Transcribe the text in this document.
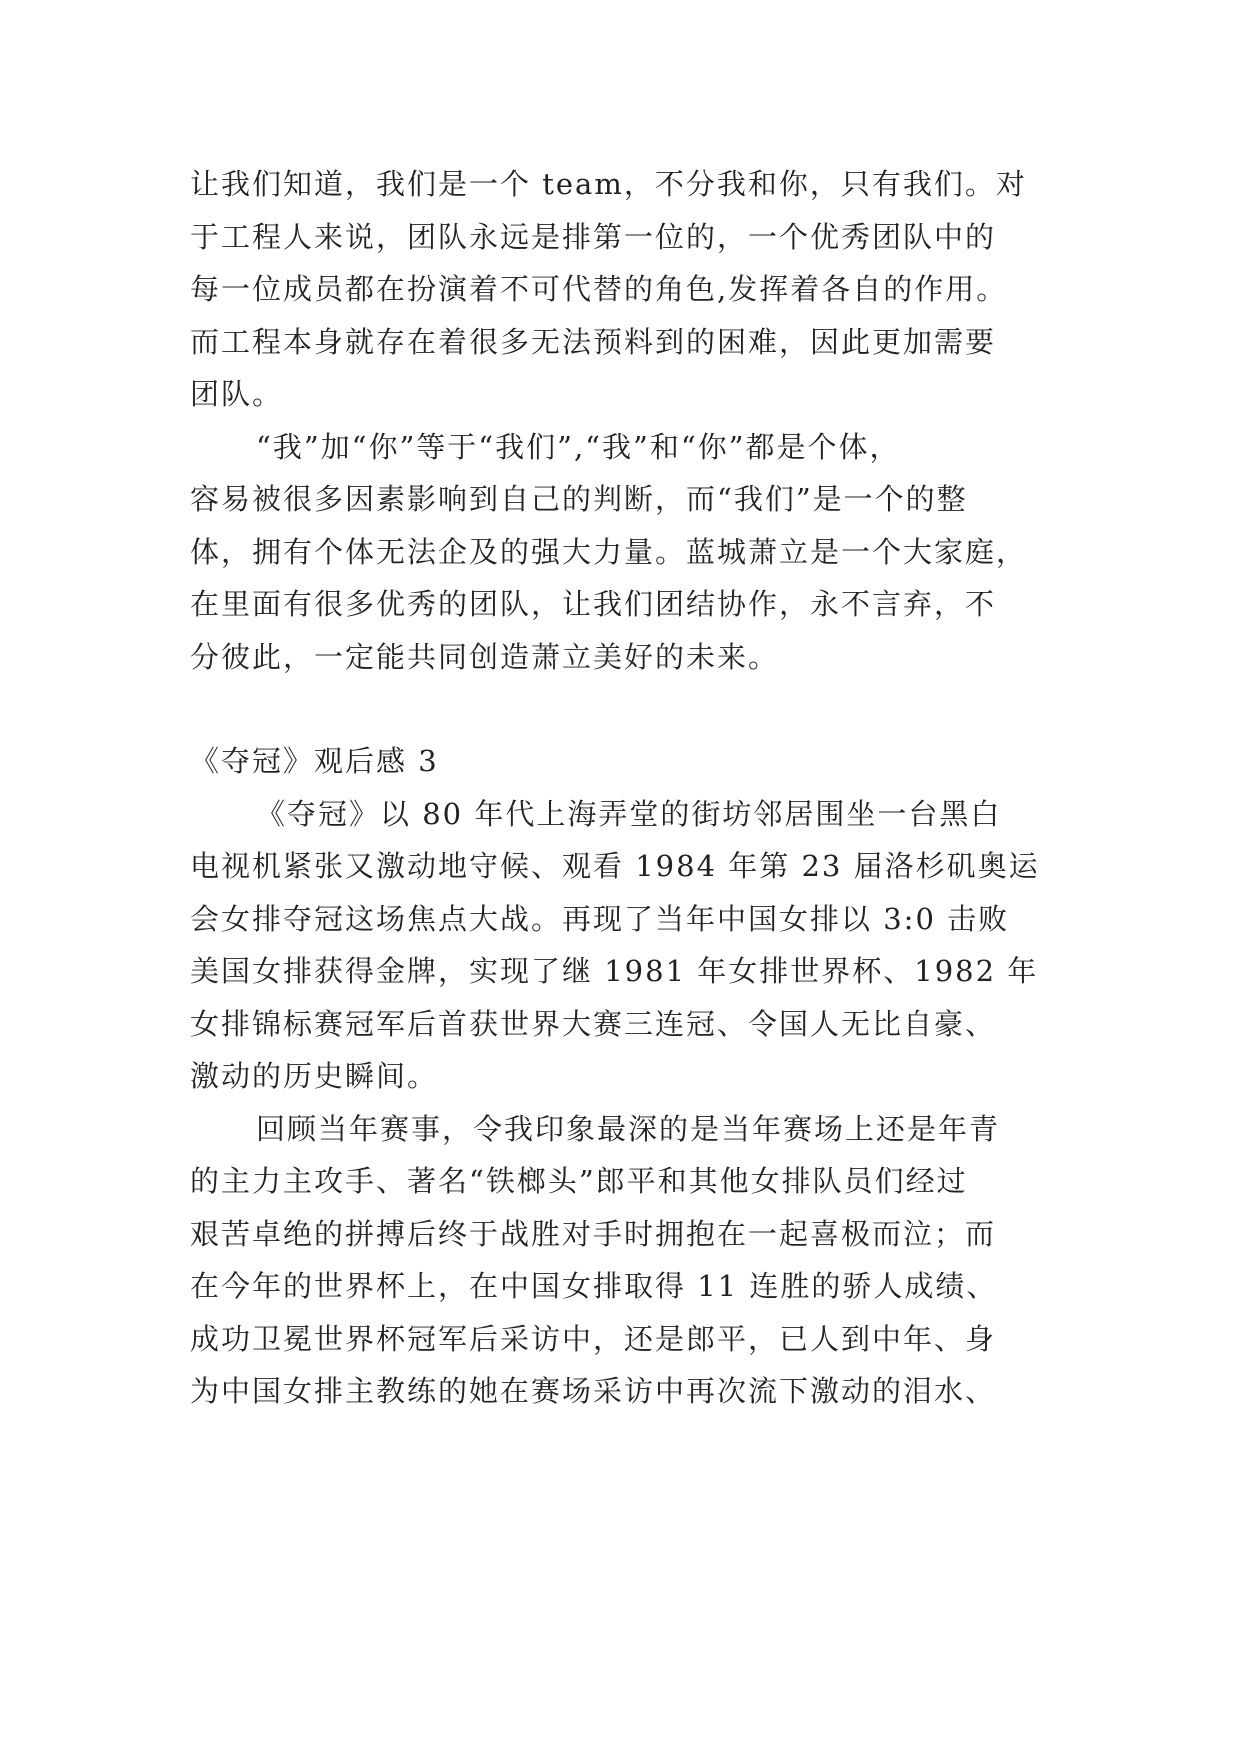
让我们知道，我们是一个 team，不分我和你，只有我们。对
于工程人来说，团队永远是排第一位的，一个优秀团队中的
每一位成员都在扮演着不可代替的角色,发挥着各自的作用。
而工程本身就存在着很多无法预料到的困难，因此更加需要
团队。
“我”加“你”等于“我们”,“我”和“你”都是个体，
容易被很多因素影响到自己的判断，而“我们”是一个的整
体，拥有个体无法企及的强大力量。蓝城萧立是一个大家庭，
在里面有很多优秀的团队，让我们团结协作，永不言弃，不
分彼此，一定能共同创造萧立美好的未来。
《夺冠》观后感 3
《夺冠》以 80 年代上海弄堂的街坊邻居围坐一台黑白
电视机紧张又激动地守候、观看 1984 年第 23 届洛杉矶奥运
会女排夺冠这场焦点大战。再现了当年中国女排以 3:0 击败
美国女排获得金牌，实现了继 1981 年女排世界杯、1982 年
女排锦标赛冠军后首获世界大赛三连冠、令国人无比自豪、
激动的历史瞬间。
回顾当年赛事，令我印象最深的是当年赛场上还是年青
的主力主攻手、著名“铁榔头”郎平和其他女排队员们经过
艰苦卓绝的拼搏后终于战胜对手时拥抱在一起喜极而泣；而
在今年的世界杯上，在中国女排取得 11 连胜的骄人成绩、
成功卫冕世界杯冠军后采访中，还是郎平，已人到中年、身
为中国女排主教练的她在赛场采访中再次流下激动的泪水、
